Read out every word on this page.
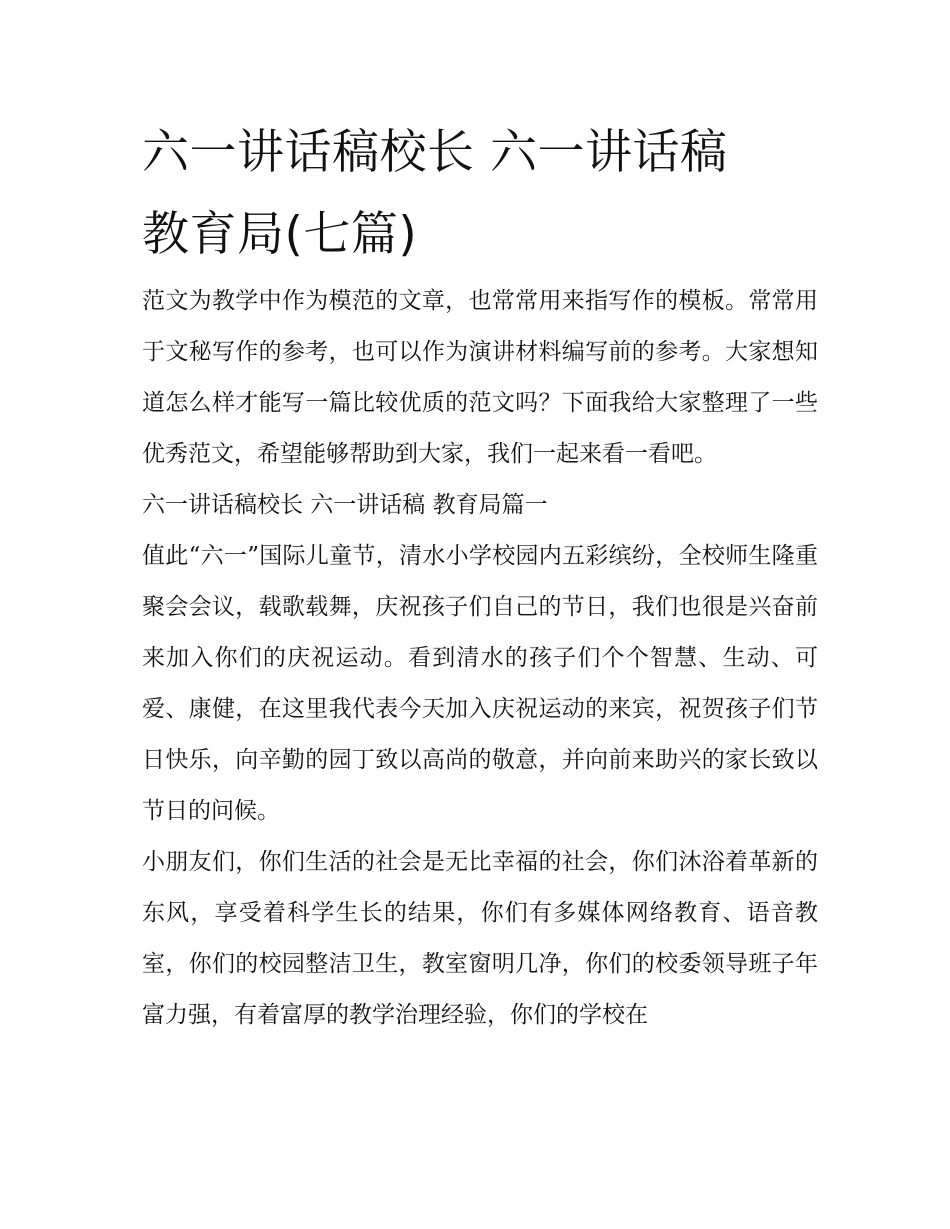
六一讲话稿校长 六一讲话稿
教育局(七篇)

范文为教学中作为模范的文章，也常常用来指写作的模板。常常用于文秘写作的参考，也可以作为演讲材料编写前的参考。大家想知道怎么样才能写一篇比较优质的范文吗？下面我给大家整理了一些优秀范文，希望能够帮助到大家，我们一起来看一看吧。

六一讲话稿校长 六一讲话稿 教育局篇一

值此“六一”国际儿童节，清水小学校园内五彩缤纷，全校师生隆重聚会会议，载歌载舞，庆祝孩子们自己的节日，我们也很是兴奋前来加入你们的庆祝运动。看到清水的孩子们个个智慧、生动、可爱、康健，在这里我代表今天加入庆祝运动的来宾，祝贺孩子们节日快乐，向辛勤的园丁致以高尚的敬意，并向前来助兴的家长致以节日的问候。

小朋友们，你们生活的社会是无比幸福的社会，你们沐浴着革新的东风，享受着科学生长的结果，你们有多媒体网络教育、语音教室，你们的校园整洁卫生，教室窗明几净，你们的校委领导班子年富力强，有着富厚的教学治理经验，你们的学校在
